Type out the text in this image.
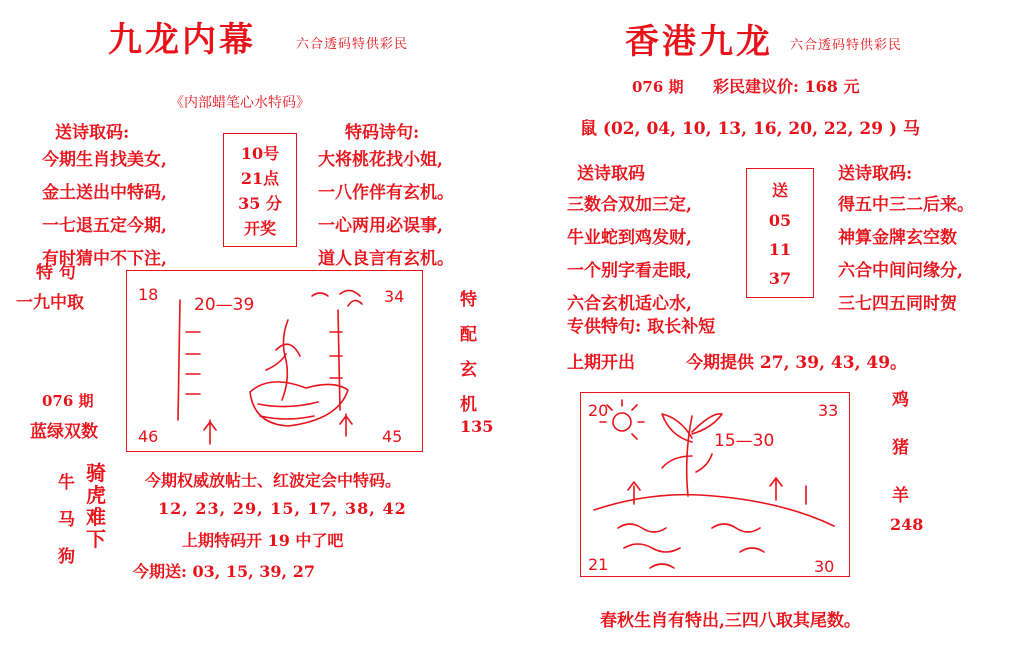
九龙内幕	六合透码特供彩民
《内部蜡笔心水特码》
送诗取码:
今期生肖找美女,
金土送出中特码,
一七退五定今期,
有时猜中不下注,
10号
21点
35 分
开奖
特码诗句:
大将桃花找小姐,
一八作伴有玄机。
一心两用必误事,
道人良言有玄机。
特 句
一九中取
076 期
蓝绿双数
18
20—39	34
46	45
特
配
玄
机
135
牛
马
狗
骑
虎
难
下
今期权威放帖士、红波定会中特码。
12, 23, 29, 15, 17, 38, 42
上期特码开 19 中了吧
今期送: 03, 15, 39, 27
香港九龙 六合透码特供彩民
076 期 彩民建议价: 168 元
鼠 (02, 04, 10, 13, 16, 20, 22, 29 ) 马
送诗取码
三数合双加三定,
牛业蛇到鸡发财,
一个别字看走眼,
六合玄机适心水,
送
05
11
37
送诗取码:
得五中三二后来。
神算金牌玄空数
六合中间问缘分,
三七四五同时贺
专供特句: 取长补短
上期开出	今期提供 27, 39, 43, 49。
20
15—30
33
21	30
鸡
猪
羊
248
春秋生肖有特出,三四八取其尾数。
